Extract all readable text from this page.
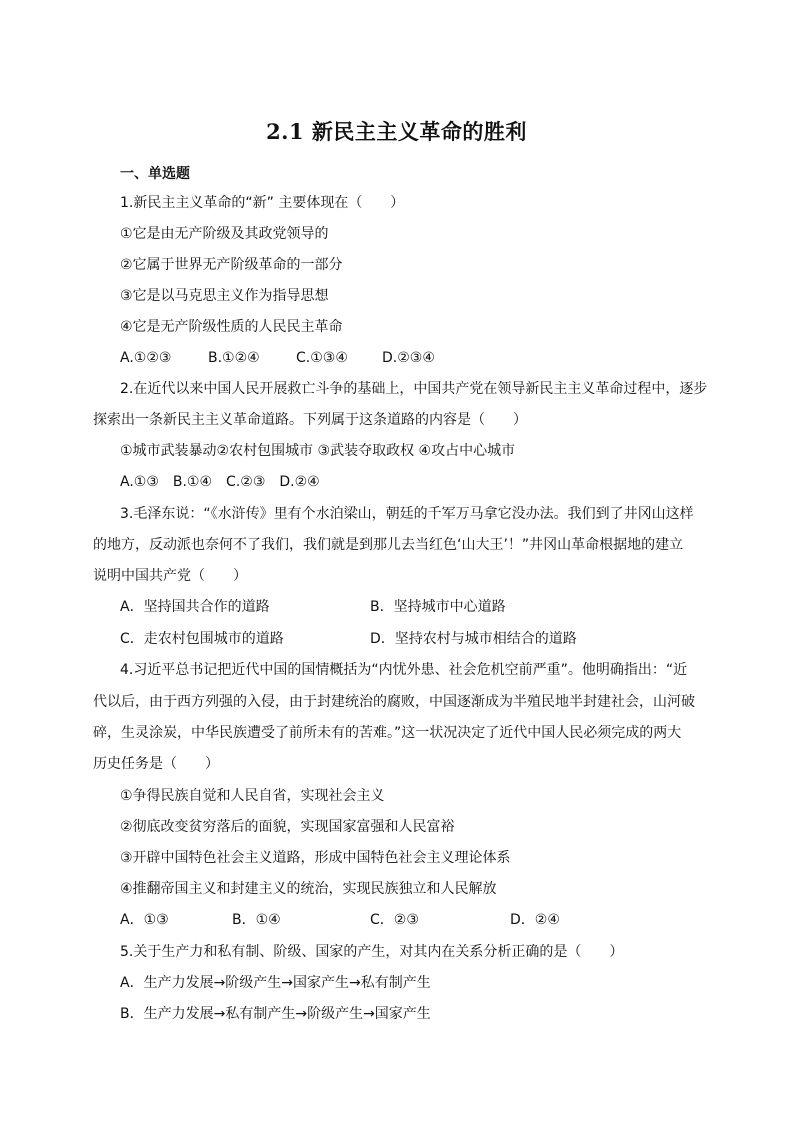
2.1 新民主主义革命的胜利
一、单选题
1.新民主主义革命的“新” 主要体现在（　　）
①它是由无产阶级及其政党领导的
②它属于世界无产阶级革命的一部分
③它是以马克思主义作为指导思想
④它是无产阶级性质的人民民主革命
A.①②③	B.①②④	C.①③④ D.②③④
2.在近代以来中国人民开展救亡斗争的基础上，中国共产党在领导新民主主义革命过程中，逐步
探索出一条新民主主义革命道路。下列属于这条道路的内容是（　　）
①城市武装暴动②农村包围城市 ③武装夺取政权 ④攻占中心城市
A.①③　B.①④　C.②③　D.②④
3.毛泽东说：“《水浒传》里有个水泊梁山，朝廷的千军万马拿它没办法。我们到了井冈山这样
的地方，反动派也奈何不了我们，我们就是到那儿去当红色‘山大王’！”井冈山革命根据地的建立
说明中国共产党（　　）
A．坚持国共合作的道路	B．坚持城市中心道路
C．走农村包围城市的道路	D．坚持农村与城市相结合的道路
4.习近平总书记把近代中国的国情概括为“内忧外患、社会危机空前严重”。他明确指出：“近
代以后，由于西方列强的入侵，由于封建统治的腐败，中国逐渐成为半殖民地半封建社会，山河破
碎，生灵涂炭，中华民族遭受了前所未有的苦难。”这一状况决定了近代中国人民必须完成的两大
历史任务是（　　）
①争得民族自觉和人民自省，实现社会主义
②彻底改变贫穷落后的面貌，实现国家富强和人民富裕
③开辟中国特色社会主义道路，形成中国特色社会主义理论体系
④推翻帝国主义和封建主义的统治，实现民族独立和人民解放
A．①③	B．①④	C．②③	D．②④
5.关于生产力和私有制、阶级、国家的产生，对其内在关系分析正确的是（　　）
A．生产力发展→阶级产生→国家产生→私有制产生
B．生产力发展→私有制产生→阶级产生→国家产生
